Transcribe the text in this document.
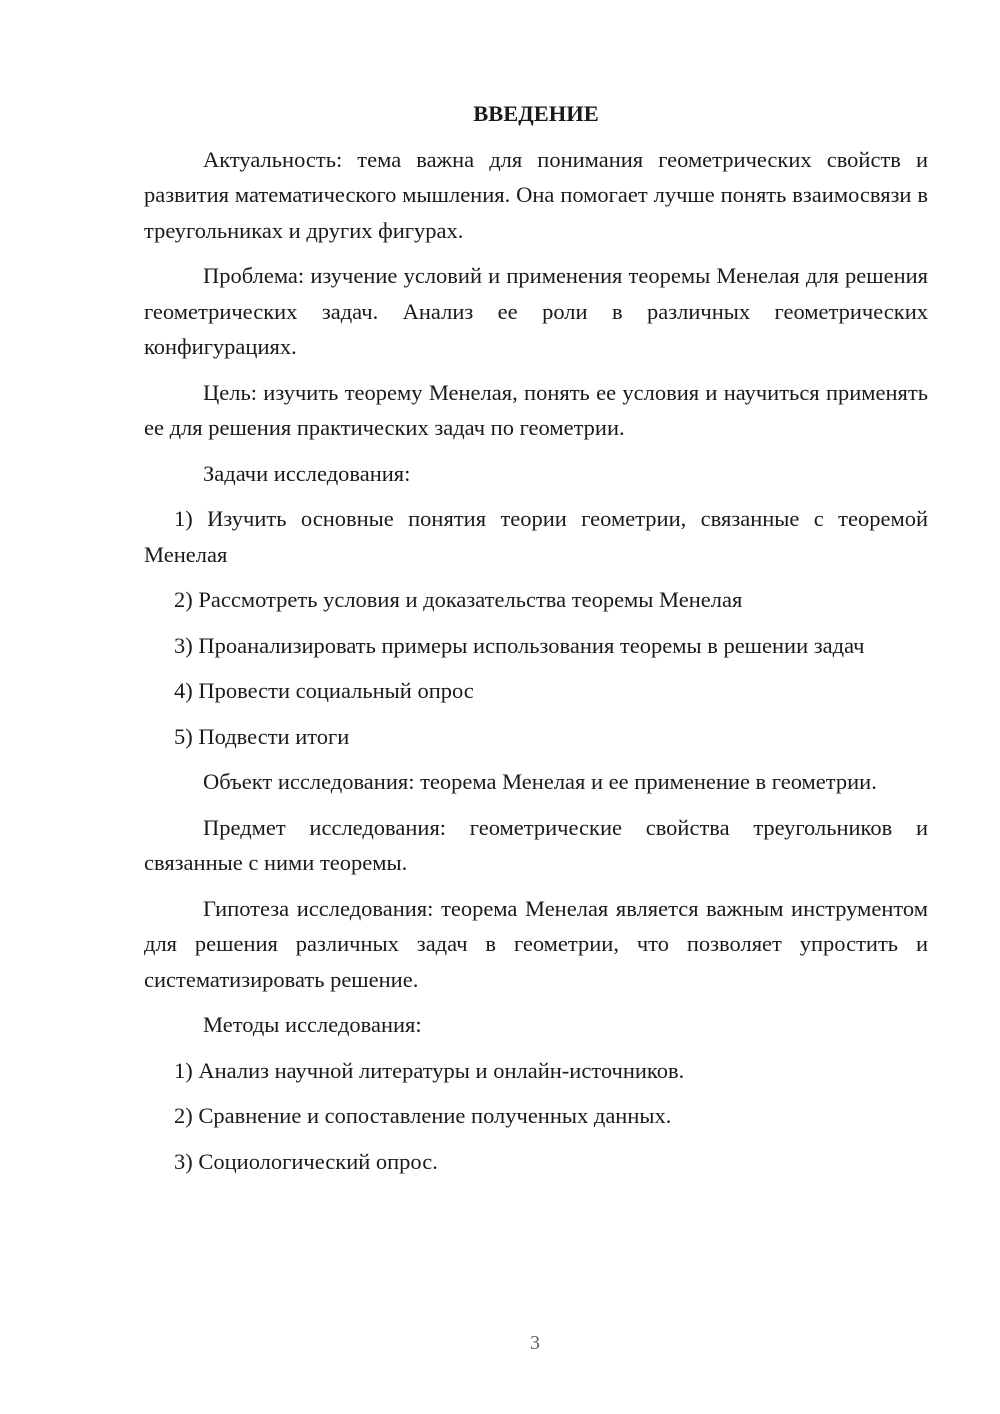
ВВЕДЕНИЕ

Актуальность: тема важна для понимания геометрических свойств и развития математического мышления. Она помогает лучше понять взаимосвязи в треугольниках и других фигурах.

Проблема: изучение условий и применения теоремы Менелая для решения геометрических задач. Анализ ее роли в различных геометрических конфигурациях.

Цель: изучить теорему Менелая, понять ее условия и научиться применять ее для решения практических задач по геометрии.

Задачи исследования:

1) Изучить основные понятия теории геометрии, связанные с теоремой Менелая

2) Рассмотреть условия и доказательства теоремы Менелая

3) Проанализировать примеры использования теоремы в решении задач

4) Провести социальный опрос

5) Подвести итоги

Объект исследования: теорема Менелая и ее применение в геометрии.

Предмет исследования: геометрические свойства треугольников и связанные с ними теоремы.

Гипотеза исследования: теорема Менелая является важным инструментом для решения различных задач в геометрии, что позволяет упростить и систематизировать решение.

Методы исследования:

1) Анализ научной литературы и онлайн-источников.

2) Сравнение и сопоставление полученных данных.

3) Социологический опрос.

3
